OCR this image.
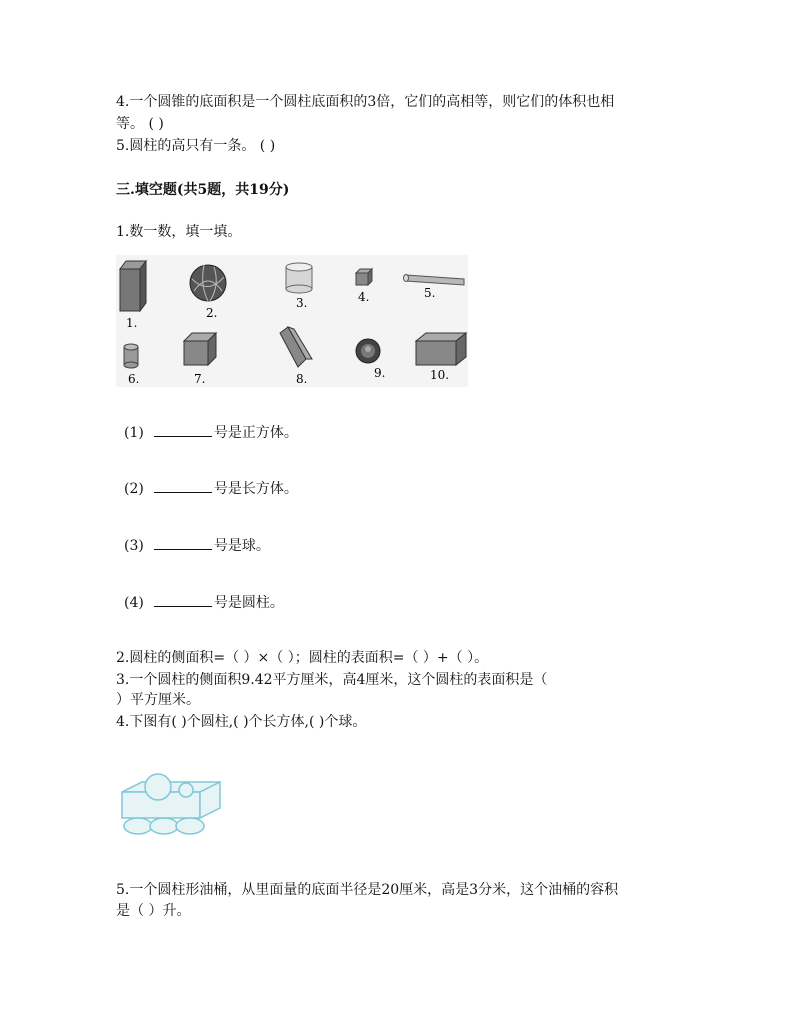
4.一个圆锥的底面积是一个圆柱底面积的3倍，它们的高相等，则它们的体积也相
等。 ( )
5.圆柱的高只有一条。 ( )
三.填空题(共5题，共19分)
1.数一数，填一填。
1.
2.
3.	4.	5.
6.	7.	8.	9.	10.
(1)	号是正方体。
(2)	号是长方体。
(3)	号是球。
(4)	号是圆柱。
2.圆柱的侧面积=（ ）×（ ）；圆柱的表面积=（ ）+（ ）。
3.一个圆柱的侧面积9.42平方厘米，高4厘米，这个圆柱的表面积是（
）平方厘米。
4.下图有( )个圆柱,( )个长方体,( )个球。
5.一个圆柱形油桶，从里面量的底面半径是20厘米，高是3分米，这个油桶的容积
是（ ）升。
